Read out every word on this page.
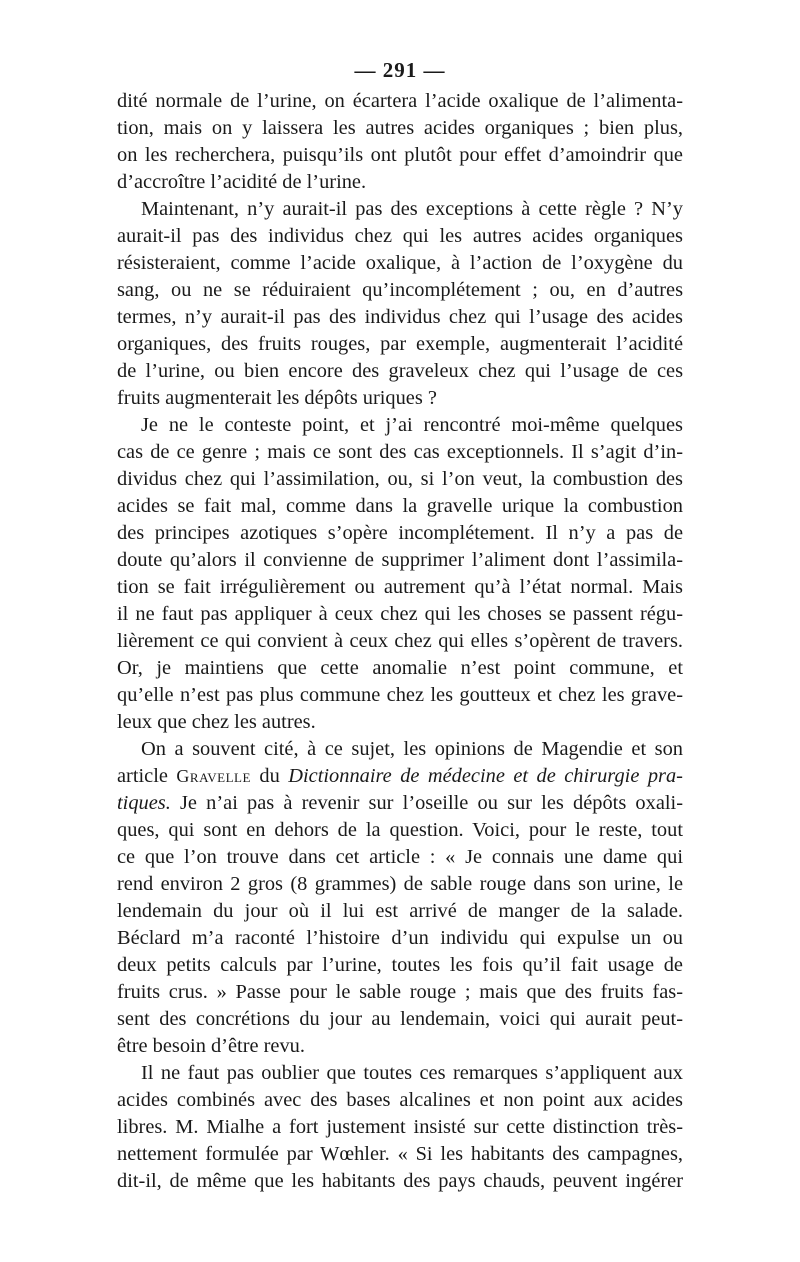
— 291 —
dité normale de l’urine, on écartera l’acide oxalique de l’alimenta-
tion, mais on y laissera les autres acides organiques ; bien plus,
on les recherchera, puisqu’ils ont plutôt pour effet d’amoindrir que
d’accroître l’acidité de l’urine.
Maintenant, n’y aurait-il pas des exceptions à cette règle ? N’y
aurait-il pas des individus chez qui les autres acides organiques
résisteraient, comme l’acide oxalique, à l’action de l’oxygène du
sang, ou ne se réduiraient qu’incomplétement ; ou, en d’autres
termes, n’y aurait-il pas des individus chez qui l’usage des acides
organiques, des fruits rouges, par exemple, augmenterait l’acidité
de l’urine, ou bien encore des graveleux chez qui l’usage de ces
fruits augmenterait les dépôts uriques ?
Je ne le conteste point, et j’ai rencontré moi-même quelques
cas de ce genre ; mais ce sont des cas exceptionnels. Il s’agit d’in-
dividus chez qui l’assimilation, ou, si l’on veut, la combustion des
acides se fait mal, comme dans la gravelle urique la combustion
des principes azotiques s’opère incomplétement. Il n’y a pas de
doute qu’alors il convienne de supprimer l’aliment dont l’assimila-
tion se fait irrégulièrement ou autrement qu’à l’état normal. Mais
il ne faut pas appliquer à ceux chez qui les choses se passent régu-
lièrement ce qui convient à ceux chez qui elles s’opèrent de travers.
Or, je maintiens que cette anomalie n’est point commune, et
qu’elle n’est pas plus commune chez les goutteux et chez les grave-
leux que chez les autres.
On a souvent cité, à ce sujet, les opinions de Magendie et son
article Gravelle du Dictionnaire de médecine et de chirurgie pra-
tiques. Je n’ai pas à revenir sur l’oseille ou sur les dépôts oxali-
ques, qui sont en dehors de la question. Voici, pour le reste, tout
ce que l’on trouve dans cet article : « Je connais une dame qui
rend environ 2 gros (8 grammes) de sable rouge dans son urine, le
lendemain du jour où il lui est arrivé de manger de la salade.
Béclard m’a raconté l’histoire d’un individu qui expulse un ou
deux petits calculs par l’urine, toutes les fois qu’il fait usage de
fruits crus. » Passe pour le sable rouge ; mais que des fruits fas-
sent des concrétions du jour au lendemain, voici qui aurait peut-
être besoin d’être revu.
Il ne faut pas oublier que toutes ces remarques s’appliquent aux
acides combinés avec des bases alcalines et non point aux acides
libres. M. Mialhe a fort justement insisté sur cette distinction très-
nettement formulée par Wœhler. « Si les habitants des campagnes,
dit-il, de même que les habitants des pays chauds, peuvent ingérer
